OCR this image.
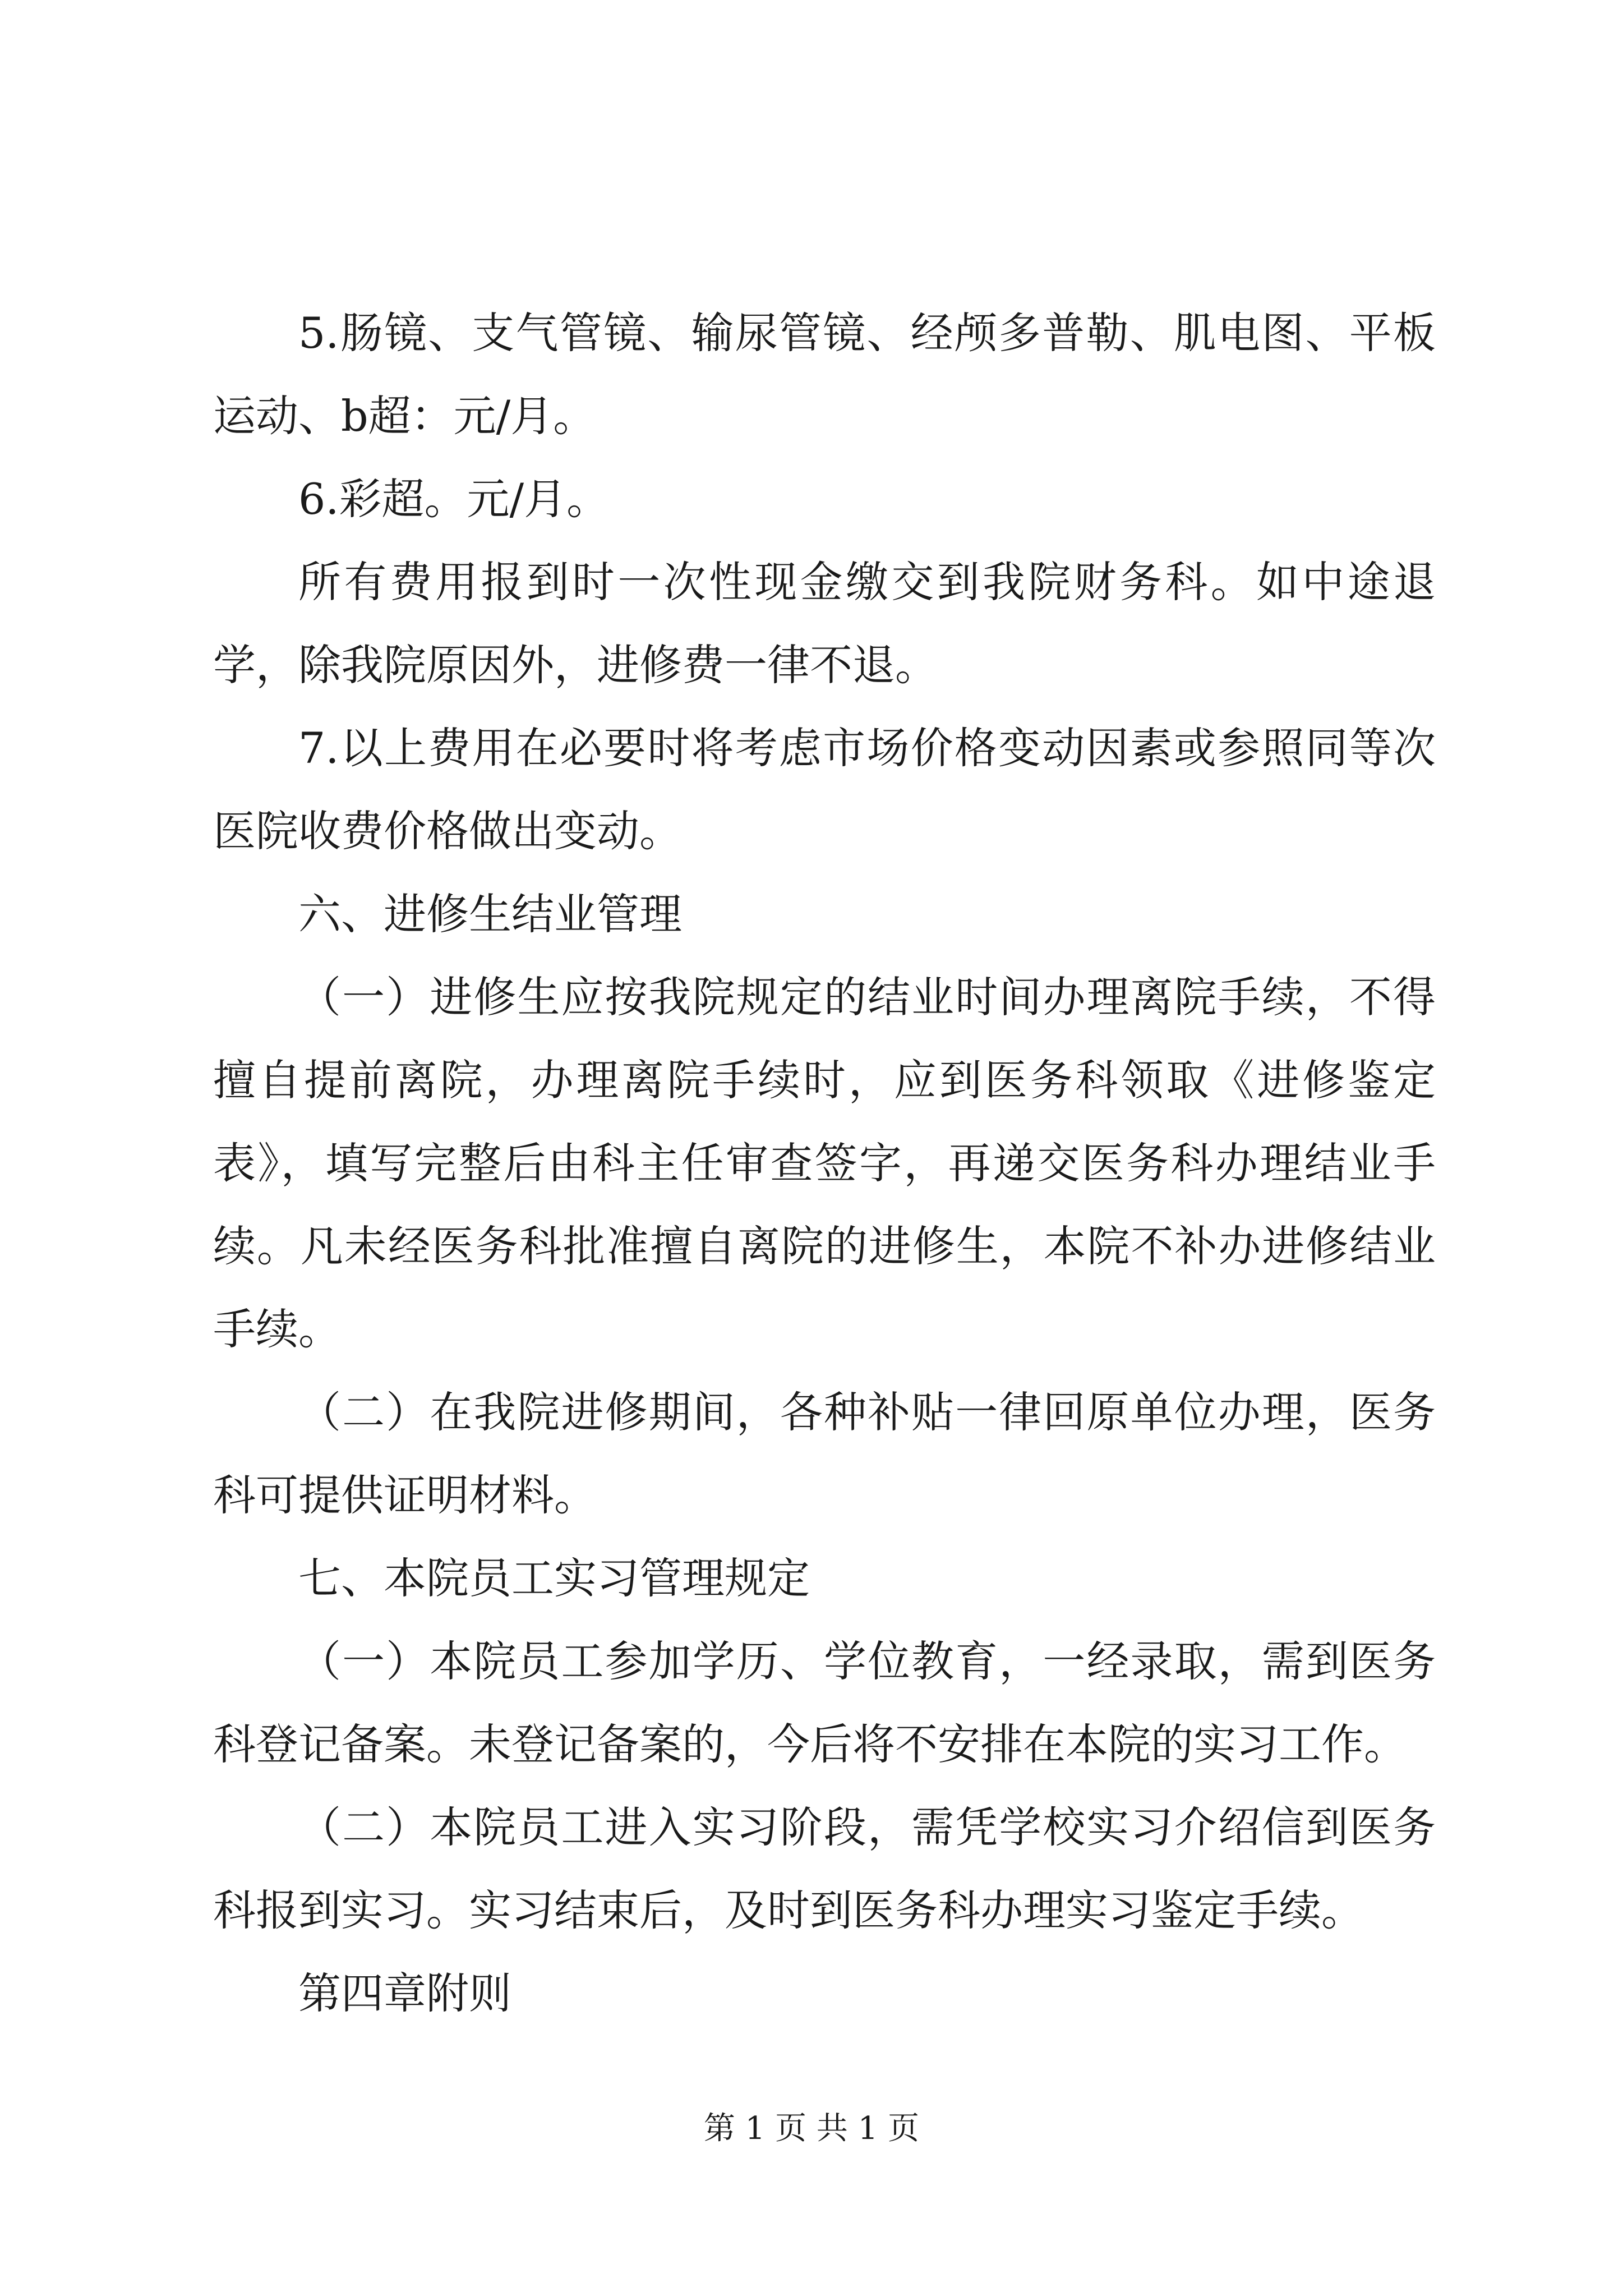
5.肠镜、支气管镜、输尿管镜、经颅多普勒、肌电图、平板运动、b超：元/月。

6.彩超。元/月。

所有费用报到时一次性现金缴交到我院财务科。如中途退学，除我院原因外，进修费一律不退。

7.以上费用在必要时将考虑市场价格变动因素或参照同等次医院收费价格做出变动。

六、进修生结业管理

（一）进修生应按我院规定的结业时间办理离院手续，不得擅自提前离院，办理离院手续时，应到医务科领取《进修鉴定表》，填写完整后由科主任审查签字，再递交医务科办理结业手续。凡未经医务科批准擅自离院的进修生，本院不补办进修结业手续。

（二）在我院进修期间，各种补贴一律回原单位办理，医务科可提供证明材料。

七、本院员工实习管理规定

（一）本院员工参加学历、学位教育，一经录取，需到医务科登记备案。未登记备案的，今后将不安排在本院的实习工作。

（二）本院员工进入实习阶段，需凭学校实习介绍信到医务科报到实习。实习结束后，及时到医务科办理实习鉴定手续。

第四章附则

第 1 页 共 1 页
